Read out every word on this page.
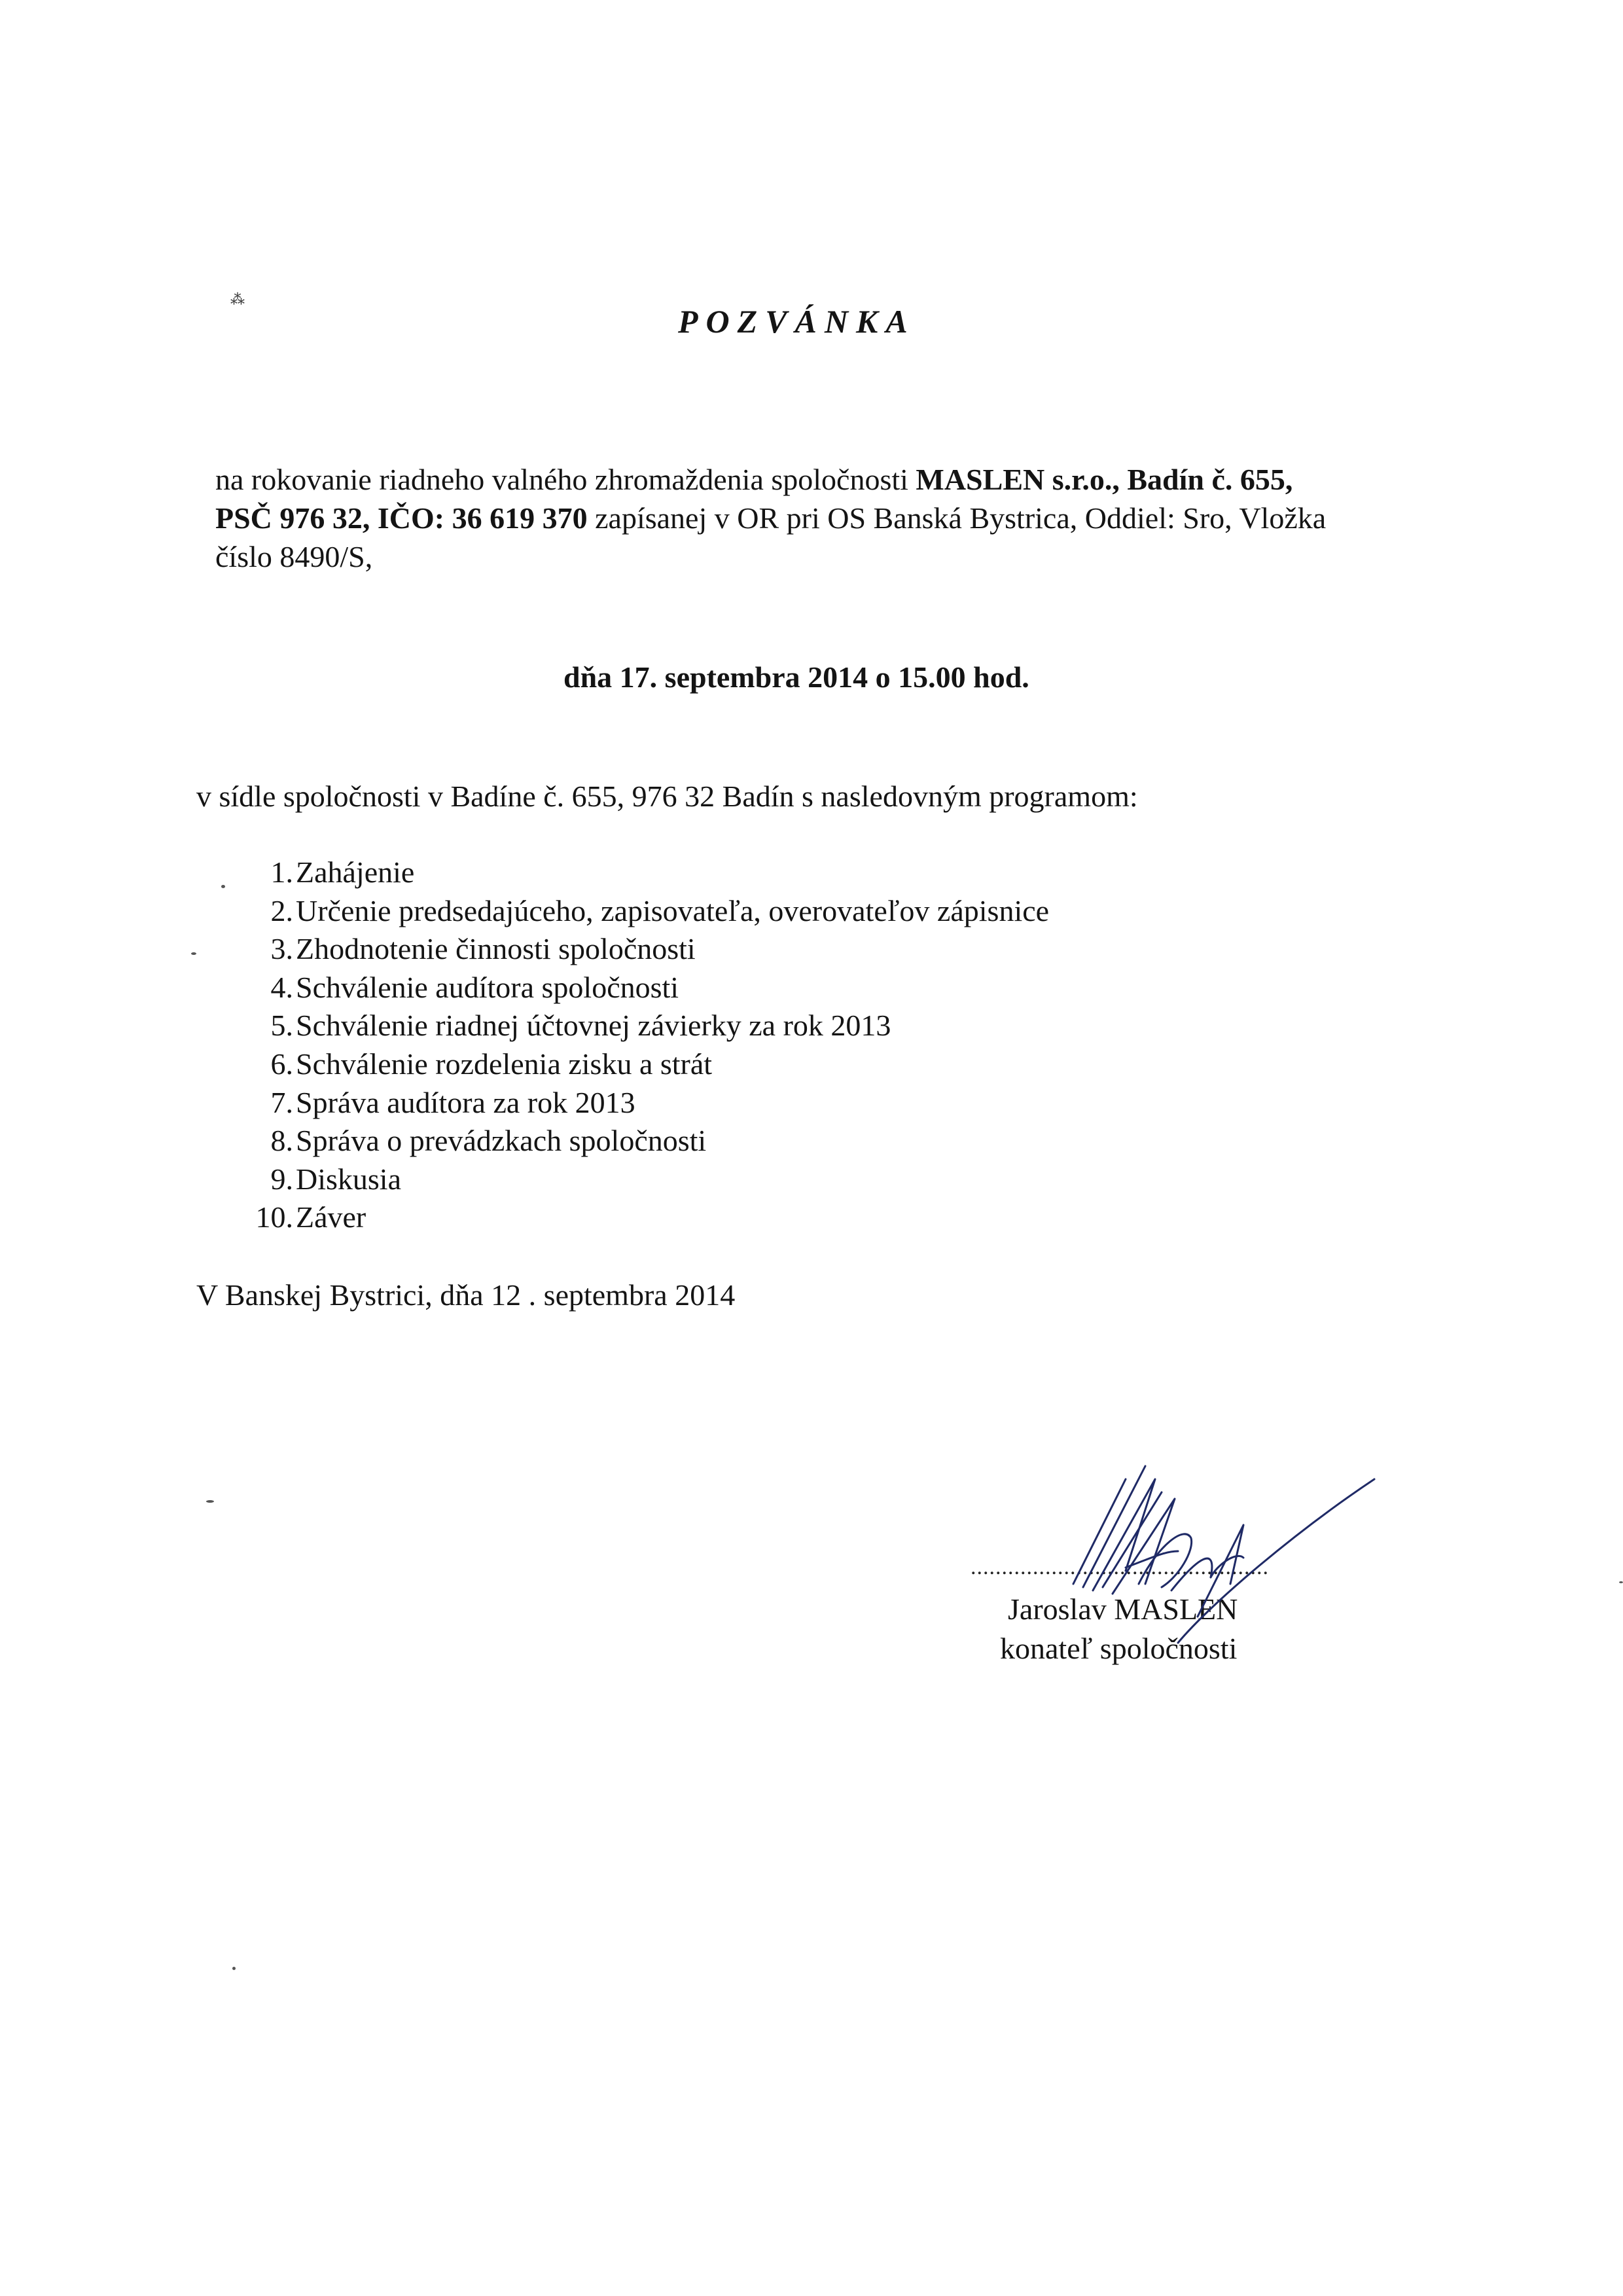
⁂
POZVÁNKA
na rokovanie riadneho valného zhromaždenia spoločnosti MASLEN s.r.o., Badín č. 655,
PSČ 976 32, IČO: 36 619 370 zapísanej v OR pri OS Banská Bystrica, Oddiel: Sro, Vložka
číslo 8490/S,
dňa 17. septembra 2014 o 15.00 hod.
v sídle spoločnosti v Badíne č. 655, 976 32 Badín s nasledovným programom:
1. Zahájenie
2. Určenie predsedajúceho, zapisovateľa, overovateľov zápisnice
3. Zhodnotenie činnosti spoločnosti
4. Schválenie audítora spoločnosti
5. Schválenie riadnej účtovnej závierky za rok 2013
6. Schválenie rozdelenia zisku a strát
7. Správa audítora za rok 2013
8. Správa o prevádzkach spoločnosti
9. Diskusia
10. Záver
V Banskej Bystrici, dňa 12 . septembra 2014
................................................
Jaroslav MASLEN
konateľ spoločnosti
